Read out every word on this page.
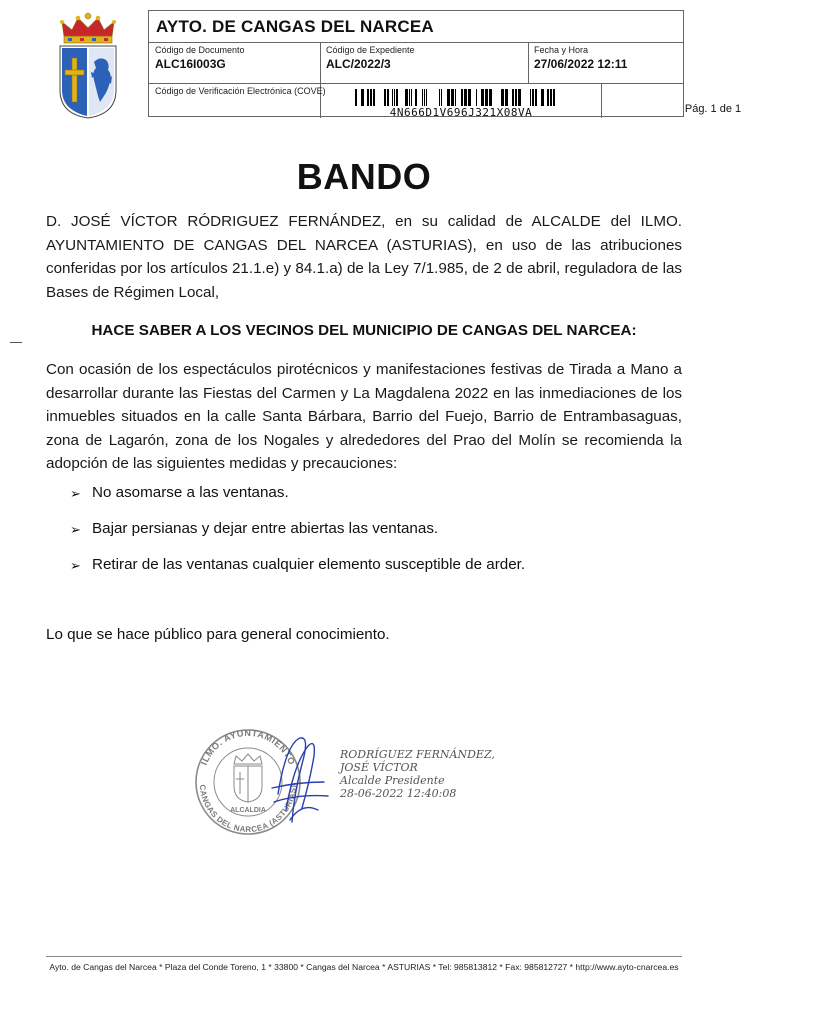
AYTO. DE CANGAS DEL NARCEA
Código de Documento
ALC16I003G
Código de Expediente
ALC/2022/3
Fecha y Hora
27/06/2022 12:11
Código de Verificación Electrónica (COVE)
4N666D1V696J321X08VA	Pág. 1 de 1
BANDO

D. JOSÉ VÍCTOR RÓDRIGUEZ FERNÁNDEZ, en su calidad de ALCALDE del ILMO. AYUNTAMIENTO DE CANGAS DEL NARCEA (ASTURIAS), en uso de las atribuciones conferidas por los artículos 21.1.e) y 84.1.a) de la Ley 7/1.985, de 2 de abril, reguladora de las Bases de Régimen Local,

HACE SABER A LOS VECINOS DEL MUNICIPIO DE CANGAS DEL NARCEA:

Con ocasión de los espectáculos pirotécnicos y manifestaciones festivas de Tirada a Mano a desarrollar durante las Fiestas del Carmen y La Magdalena 2022 en las inmediaciones de los inmuebles situados en la calle Santa Bárbara, Barrio del Fuejo, Barrio de Entrambasaguas, zona de Lagarón, zona de los Nogales y alrededores del Prao del Molín se recomienda la adopción de las siguientes medidas y precauciones:

➢ No asomarse a las ventanas.
➢ Bajar persianas y dejar entre abiertas las ventanas.
➢ Retirar de las ventanas cualquier elemento susceptible de arder.

Lo que se hace público para general conocimiento.

ILMO. AYUNTAMIENTO
CANGAS DEL NARCEA (ASTURIAS)
ALCALDIA
RODRÍGUEZ FERNÁNDEZ,
JOSÉ VÍCTOR
Alcalde Presidente
28-06-2022 12:40:08
Ayto. de Cangas del Narcea * Plaza del Conde Toreno, 1 * 33800 * Cangas del Narcea * ASTURIAS * Tel: 985813812 * Fax: 985812727 * http://www.ayto-cnarcea.es
